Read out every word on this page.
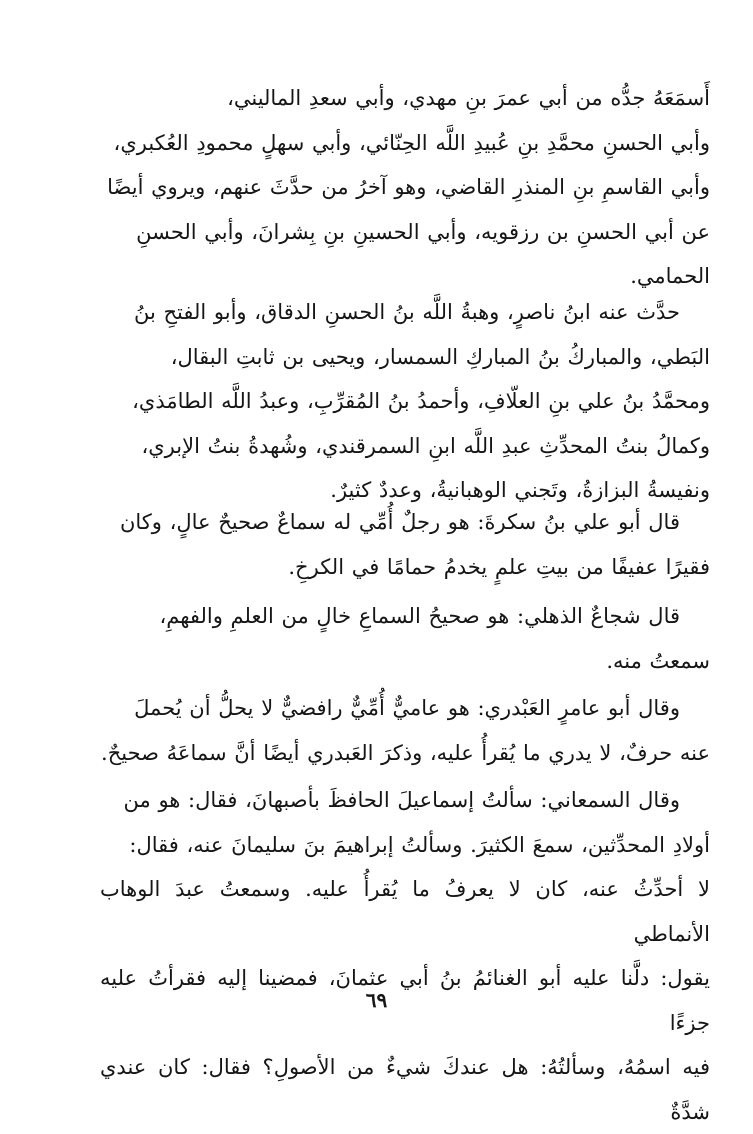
أَسمَعَهُ جدُّه من أبي عمرَ بنِ مهدي، وأبي سعدِ الماليني،

وأبي الحسنِ محمَّدِ بنِ عُبيدِ اللَّه الحِنّائي، وأبي سهلٍ محمودِ العُكبري،

وأبي القاسمِ بنِ المنذرِ القاضي، وهو آخرُ من حدَّثَ عنهم، ويروي أيضًا

عن أبي الحسنِ بن رزقويه، وأبي الحسينِ بنِ بِشرانَ، وأبي الحسنِ

الحمامي.

حدَّث عنه ابنُ ناصرٍ، وهبةُ اللَّه بنُ الحسنِ الدقاق، وأبو الفتحِ بنُ

البَطي، والمباركُ بنُ المباركِ السمسار، ويحيى بن ثابتِ البقال،

ومحمَّدُ بنُ علي بنِ العلّافِ، وأحمدُ بنُ المُقرِّبِ، وعبدُ اللَّه الطامَذي،

وكمالُ بنتُ المحدِّثِ عبدِ اللَّه ابنِ السمرقندي، وشُهدةُ بنتُ الإبري،

ونفيسةُ البزازةُ، وتَجني الوهبانيةُ، وعددٌ كثيرٌ.

قال أبو علي بنُ سكرةَ: هو رجلٌ أُمِّي له سماعٌ صحيحٌ عالٍ، وكان

فقيرًا عفيفًا من بيتِ علمٍ يخدمُ حمامًا في الكرخِ.

قال شجاعٌ الذهلي: هو صحيحُ السماعِ خالٍ من العلمِ والفهمِ،

سمعتُ منه.

وقال أبو عامرٍ العَبْدري: هو عاميٌّ أُمِّيٌّ رافضيٌّ لا يحلُّ أن يُحملَ

عنه حرفٌ، لا يدري ما يُقرأُ عليه، وذكرَ العَبدري أيضًا أنَّ سماعَهُ صحيحٌ.

وقال السمعاني: سألتُ إسماعيلَ الحافظَ بأصبهانَ، فقال: هو من

أولادِ المحدِّثين، سمعَ الكثيرَ. وسألتُ إبراهيمَ بنَ سليمانَ عنه، فقال:

لا أحدِّثُ عنه، كان لا يعرفُ ما يُقرأُ عليه. وسمعتُ عبدَ الوهاب الأنماطي

يقول: دلَّنا عليه أبو الغنائمُ بنُ أبي عثمانَ، فمضينا إليه فقرأتُ عليه جزءًا

فيه اسمُهُ، وسألتُهُ: هل عندكَ شيءٌ من الأصولِ؟ فقال: كان عندي شدَّةٌ

٦٩
